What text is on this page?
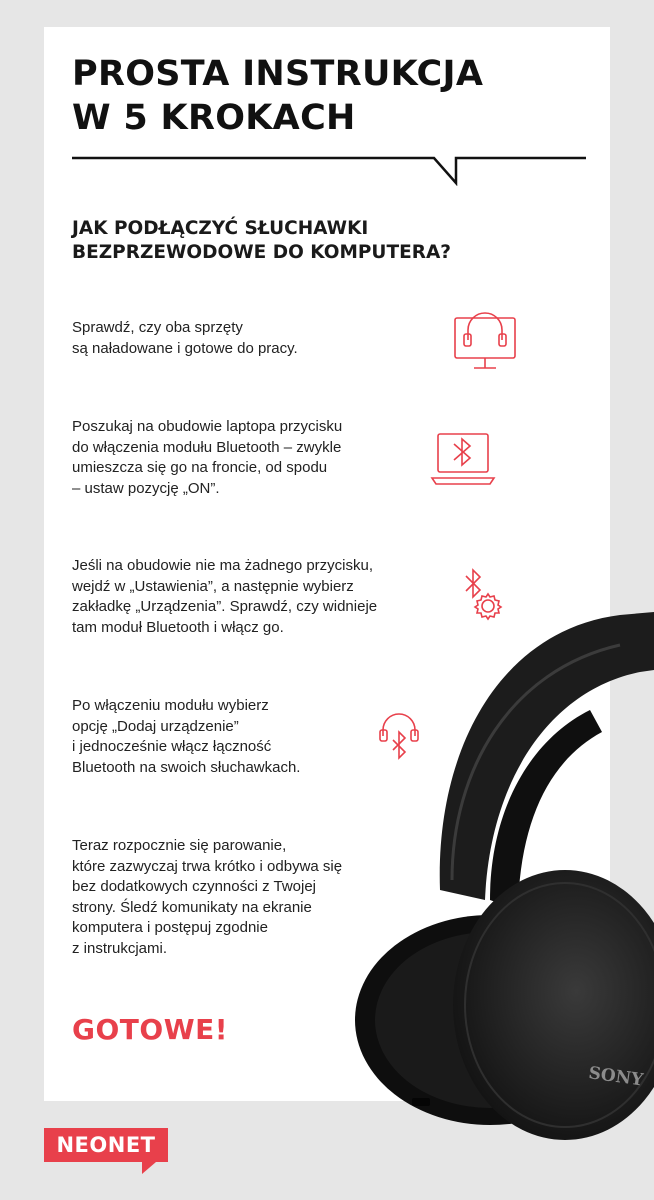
PROSTA INSTRUKCJA
W 5 KROKACH
JAK PODŁĄCZYĆ SŁUCHAWKI
BEZPRZEWODOWE DO KOMPUTERA?

Sprawdź, czy oba sprzęty
są naładowane i gotowe do pracy.

Poszukaj na obudowie laptopa przycisku
do włączenia modułu Bluetooth – zwykle
umieszcza się go na froncie, od spodu
– ustaw pozycję „ON”.

Jeśli na obudowie nie ma żadnego przycisku,
wejdź w „Ustawienia”, a następnie wybierz
zakładkę „Urządzenia”. Sprawdź, czy widnieje
tam moduł Bluetooth i włącz go.

Po włączeniu modułu wybierz
opcję „Dodaj urządzenie”
i jednocześnie włącz łączność
Bluetooth na swoich słuchawkach.

Teraz rozpocznie się parowanie,
które zazwyczaj trwa krótko i odbywa się
bez dodatkowych czynności z Twojej
strony. Śledź komunikaty na ekranie
komputera i postępuj zgodnie
z instrukcjami.

GOTOWE!
SONY
NEONET
